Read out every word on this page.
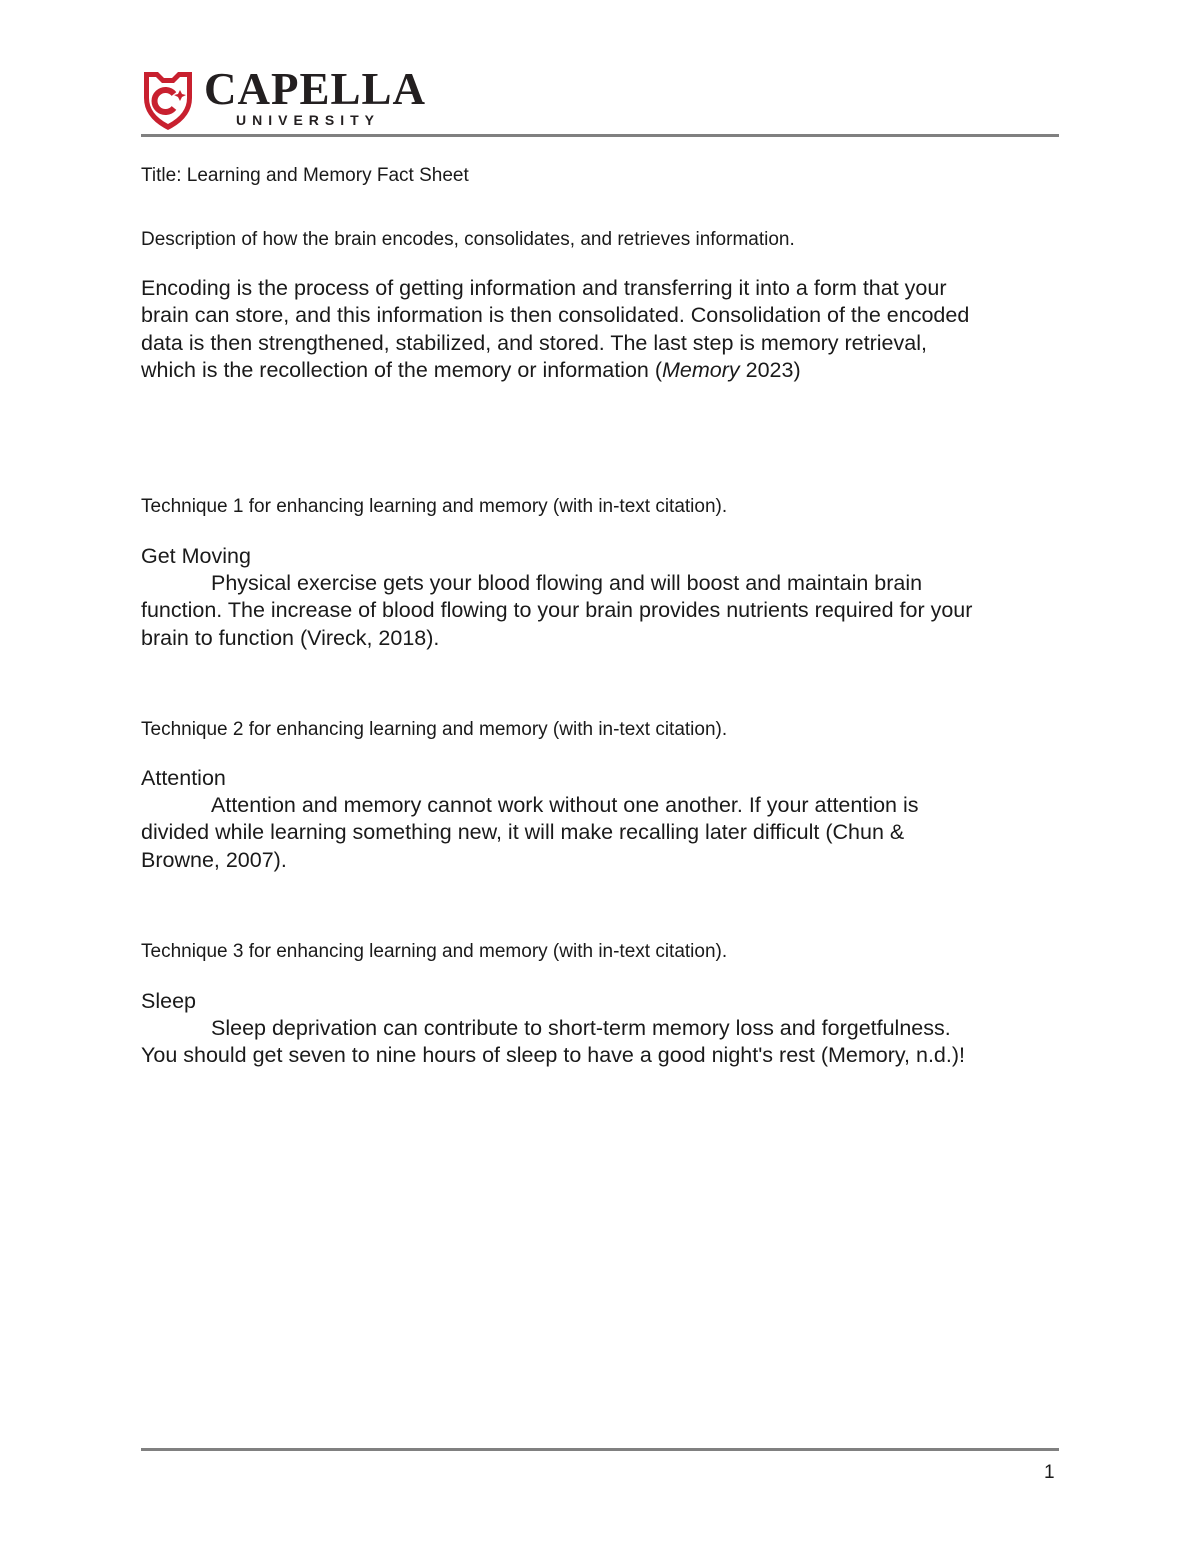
CAPELLA
UNIVERSITY
Title: Learning and Memory Fact Sheet
Description of how the brain encodes, consolidates, and retrieves information.
Encoding is the process of getting information and transferring it into a form that your
brain can store, and this information is then consolidated. Consolidation of the encoded
data is then strengthened, stabilized, and stored. The last step is memory retrieval,
which is the recollection of the memory or information (Memory 2023)
Technique 1 for enhancing learning and memory (with in-text citation).
Get Moving
Physical exercise gets your blood flowing and will boost and maintain brain
function. The increase of blood flowing to your brain provides nutrients required for your
brain to function (Vireck, 2018).
Technique 2 for enhancing learning and memory (with in-text citation).
Attention
Attention and memory cannot work without one another. If your attention is
divided while learning something new, it will make recalling later difficult (Chun &
Browne, 2007).
Technique 3 for enhancing learning and memory (with in-text citation).
Sleep
Sleep deprivation can contribute to short-term memory loss and forgetfulness.
You should get seven to nine hours of sleep to have a good night's rest (Memory, n.d.)!
1
